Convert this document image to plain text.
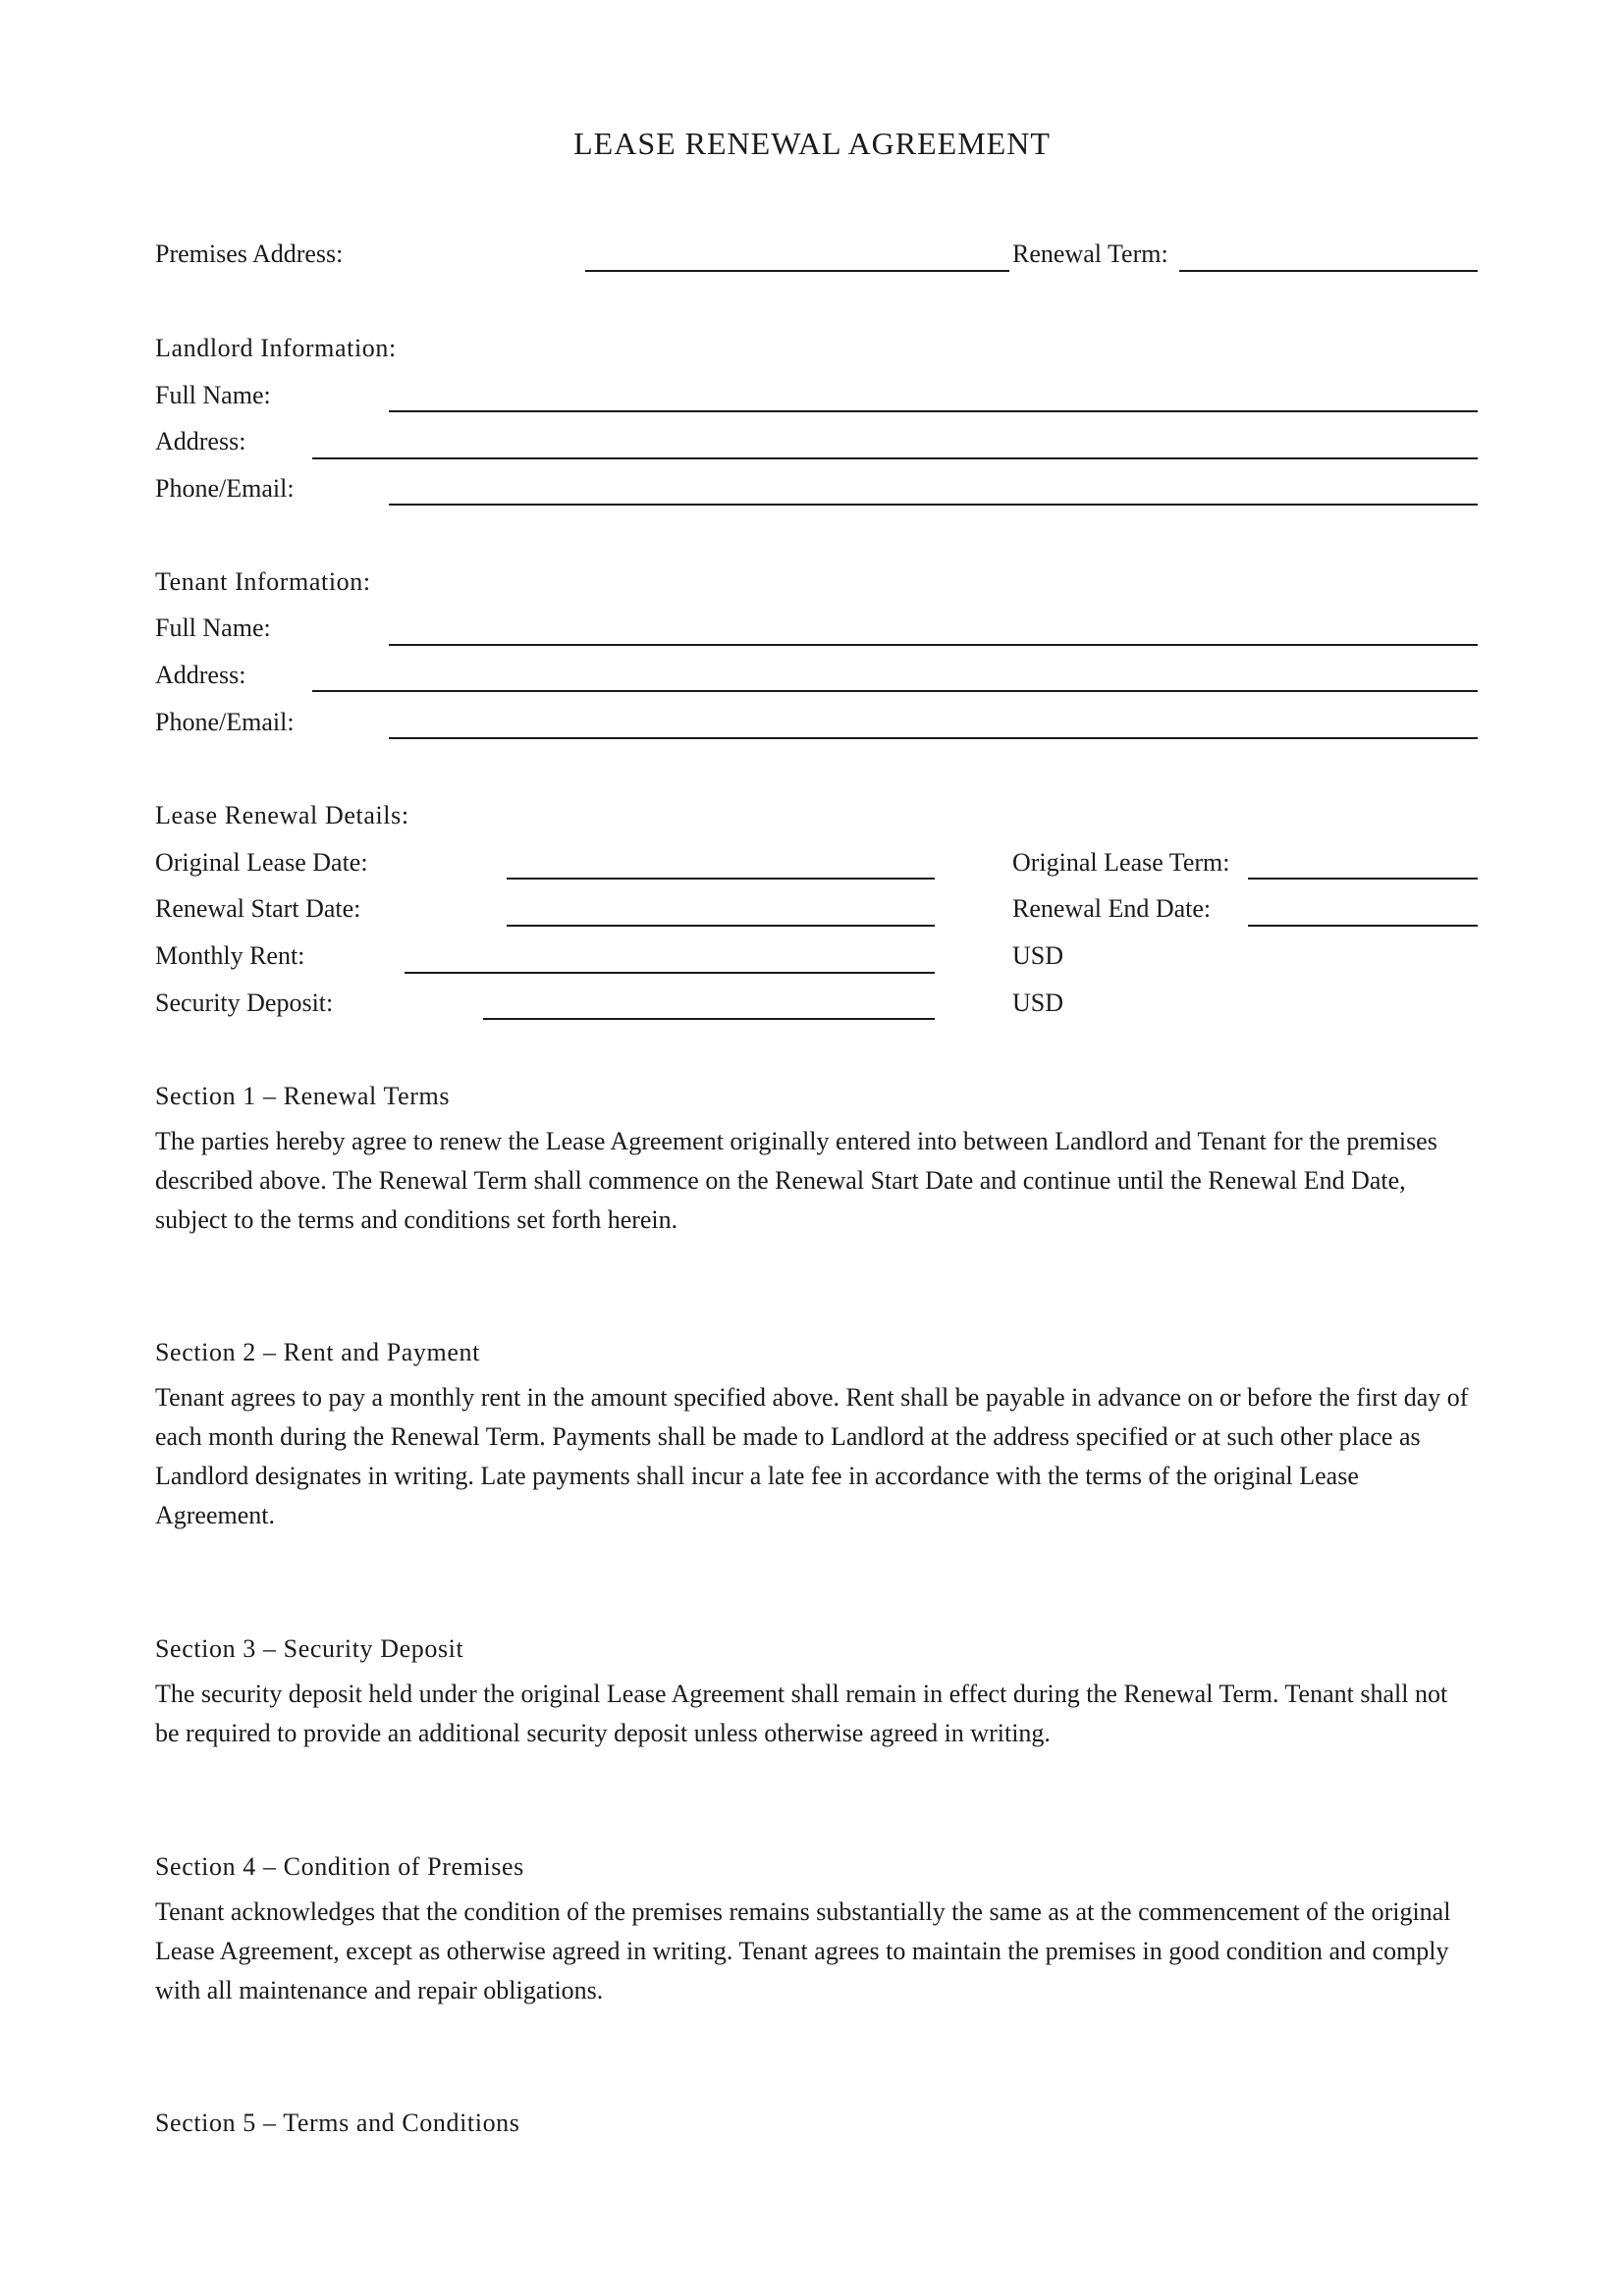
LEASE RENEWAL AGREEMENT
Premises Address:	Renewal Term:
Landlord Information:
Full Name:
Address:
Phone/Email:
Tenant Information:
Full Name:
Address:
Phone/Email:
Lease Renewal Details:
Original Lease Date:	Original Lease Term:
Renewal Start Date:	Renewal End Date:
Monthly Rent:	USD
Security Deposit:	USD
Section 1 – Renewal Terms
The parties hereby agree to renew the Lease Agreement originally entered into between Landlord and Tenant for the premises described above. The Renewal Term shall commence on the Renewal Start Date and continue until the Renewal End Date, subject to the terms and conditions set forth herein.
Section 2 – Rent and Payment
Tenant agrees to pay a monthly rent in the amount specified above. Rent shall be payable in advance on or before the first day of each month during the Renewal Term. Payments shall be made to Landlord at the address specified or at such other place as Landlord designates in writing. Late payments shall incur a late fee in accordance with the terms of the original Lease Agreement.
Section 3 – Security Deposit
The security deposit held under the original Lease Agreement shall remain in effect during the Renewal Term. Tenant shall not be required to provide an additional security deposit unless otherwise agreed in writing.
Section 4 – Condition of Premises
Tenant acknowledges that the condition of the premises remains substantially the same as at the commencement of the original Lease Agreement, except as otherwise agreed in writing. Tenant agrees to maintain the premises in good condition and comply with all maintenance and repair obligations.
Section 5 – Terms and Conditions
